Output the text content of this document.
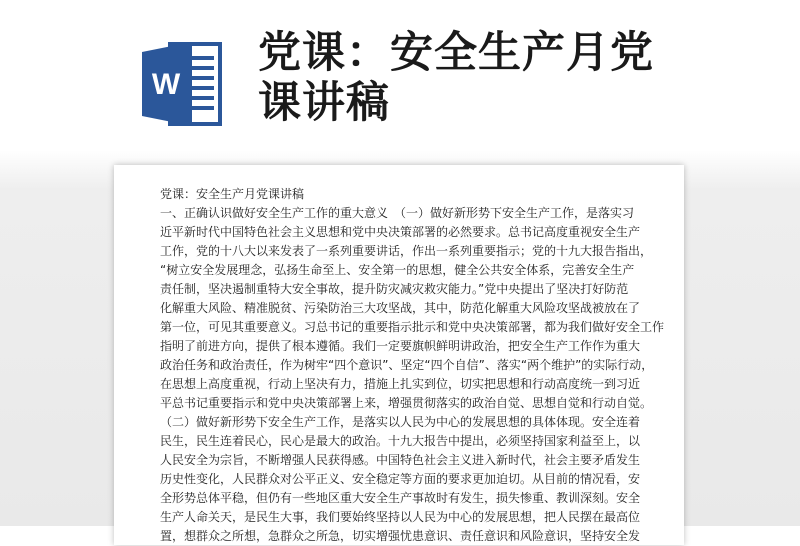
W
党课：安全生产月党课讲稿
党课：安全生产月党课讲稿
一、正确认识做好安全生产工作的重大意义　（一）做好新形势下安全生产工作，是落实习
近平新时代中国特色社会主义思想和党中央决策部署的必然要求。总书记高度重视安全生产
工作，党的十八大以来发表了一系列重要讲话，作出一系列重要指示；党的十九大报告指出，
“树立安全发展理念，弘扬生命至上、安全第一的思想，健全公共安全体系，完善安全生产
责任制，坚决遏制重特大安全事故，提升防灾减灾救灾能力。”党中央提出了坚决打好防范
化解重大风险、精准脱贫、污染防治三大攻坚战，其中，防范化解重大风险攻坚战被放在了
第一位，可见其重要意义。习总书记的重要指示批示和党中央决策部署，都为我们做好安全工作
指明了前进方向，提供了根本遵循。我们一定要旗帜鲜明讲政治，把安全生产工作作为重大
政治任务和政治责任，作为树牢“四个意识”、坚定“四个自信”、落实“两个维护”的实际行动，
在思想上高度重视，行动上坚决有力，措施上扎实到位，切实把思想和行动高度统一到习近
平总书记重要指示和党中央决策部署上来，增强贯彻落实的政治自觉、思想自觉和行动自觉。
（二）做好新形势下安全生产工作，是落实以人民为中心的发展思想的具体体现。安全连着
民生，民生连着民心，民心是最大的政治。十九大报告中提出，必须坚持国家利益至上，以
人民安全为宗旨，不断增强人民获得感。中国特色社会主义进入新时代，社会主要矛盾发生
历史性变化，人民群众对公平正义、安全稳定等方面的要求更加迫切。从目前的情况看，安
全形势总体平稳，但仍有一些地区重大安全生产事故时有发生，损失惨重、教训深刻。安全
生产人命关天，是民生大事，我们要始终坚持以人民为中心的发展思想，把人民摆在最高位
置，想群众之所想，急群众之所急，切实增强忧患意识、责任意识和风险意识，坚持安全发
